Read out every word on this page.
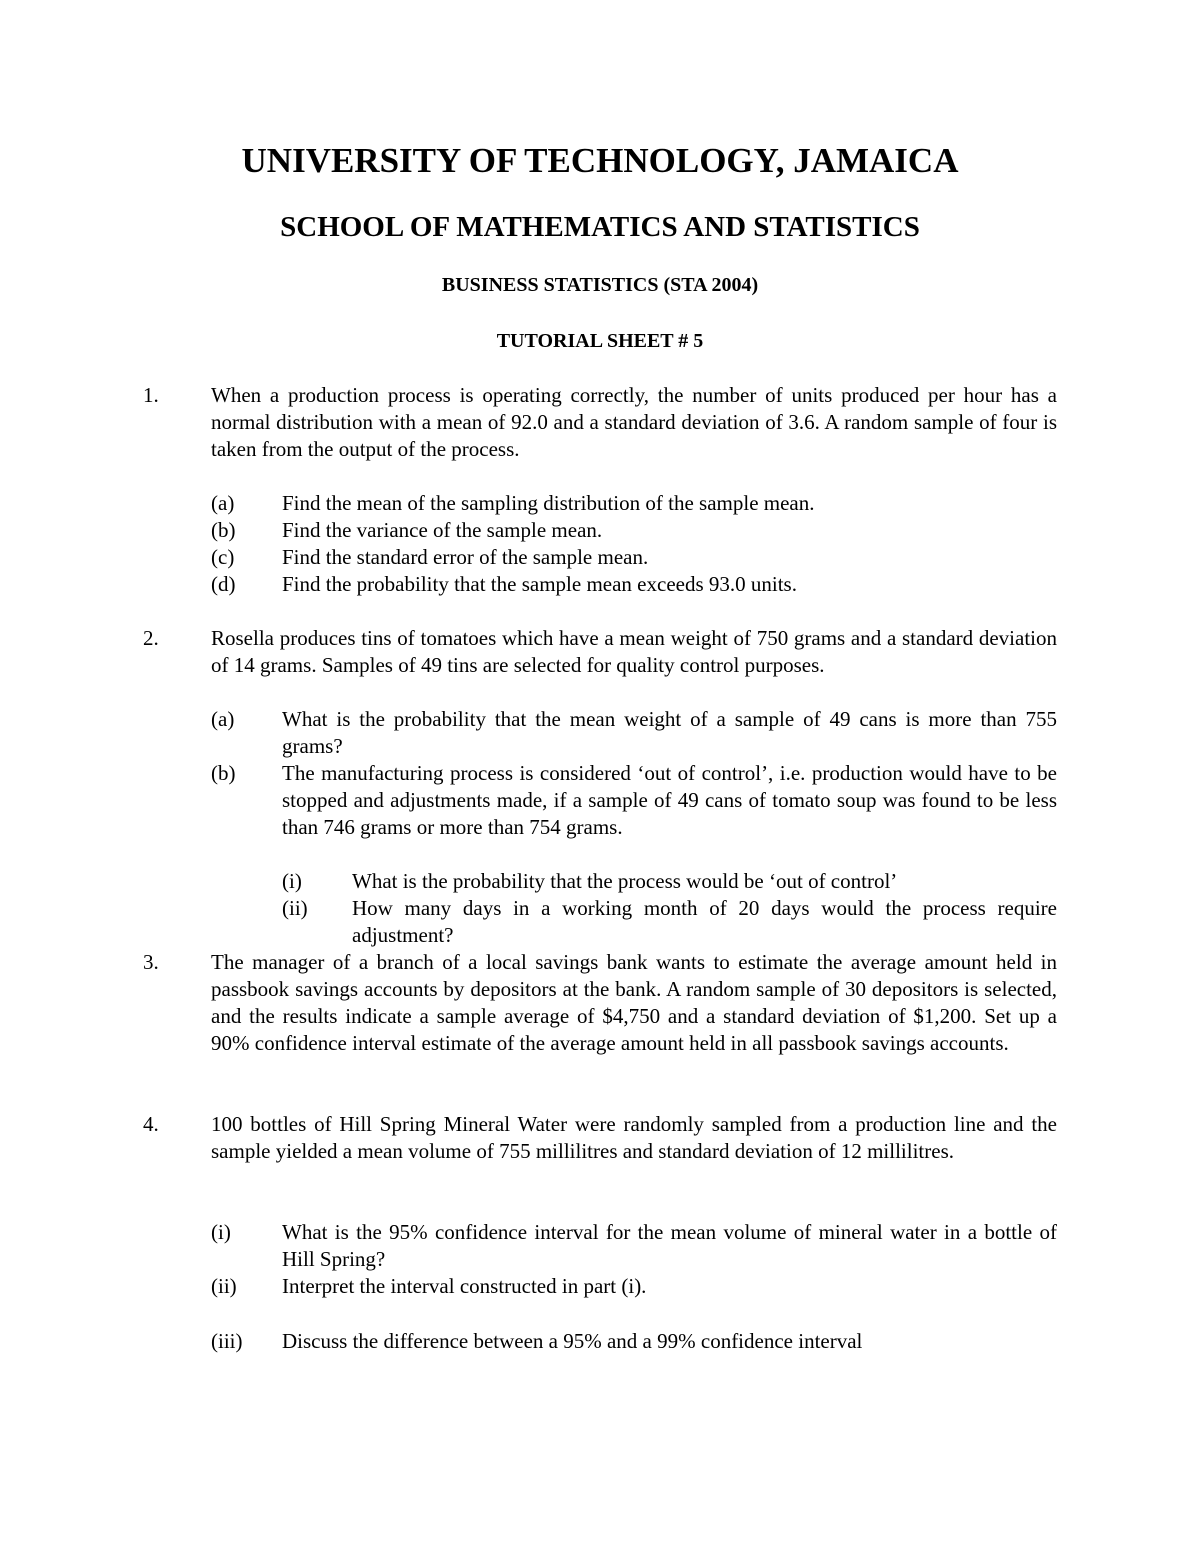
UNIVERSITY OF TECHNOLOGY, JAMAICA
SCHOOL OF MATHEMATICS AND STATISTICS
BUSINESS STATISTICS (STA 2004)
TUTORIAL SHEET # 5
1. When a production process is operating correctly, the number of units produced per hour has a normal distribution with a mean of 92.0 and a standard deviation of 3.6. A random sample of four is taken from the output of the process.
(a) Find the mean of the sampling distribution of the sample mean.
(b) Find the variance of the sample mean.
(c) Find the standard error of the sample mean.
(d) Find the probability that the sample mean exceeds 93.0 units.
2. Rosella produces tins of tomatoes which have a mean weight of 750 grams and a standard deviation of 14 grams. Samples of 49 tins are selected for quality control purposes.
(a) What is the probability that the mean weight of a sample of 49 cans is more than 755 grams?
(b) The manufacturing process is considered ‘out of control’, i.e. production would have to be stopped and adjustments made, if a sample of 49 cans of tomato soup was found to be less than 746 grams or more than 754 grams.
(i) What is the probability that the process would be ‘out of control’
(ii) How many days in a working month of 20 days would the process require adjustment?
3. The manager of a branch of a local savings bank wants to estimate the average amount held in passbook savings accounts by depositors at the bank. A random sample of 30 depositors is selected, and the results indicate a sample average of $4,750 and a standard deviation of $1,200. Set up a 90% confidence interval estimate of the average amount held in all passbook savings accounts.
4. 100 bottles of Hill Spring Mineral Water were randomly sampled from a production line and the sample yielded a mean volume of 755 millilitres and standard deviation of 12 millilitres.
(i) What is the 95% confidence interval for the mean volume of mineral water in a bottle of Hill Spring?
(ii) Interpret the interval constructed in part (i).
(iii) Discuss the difference between a 95% and a 99% confidence interval
